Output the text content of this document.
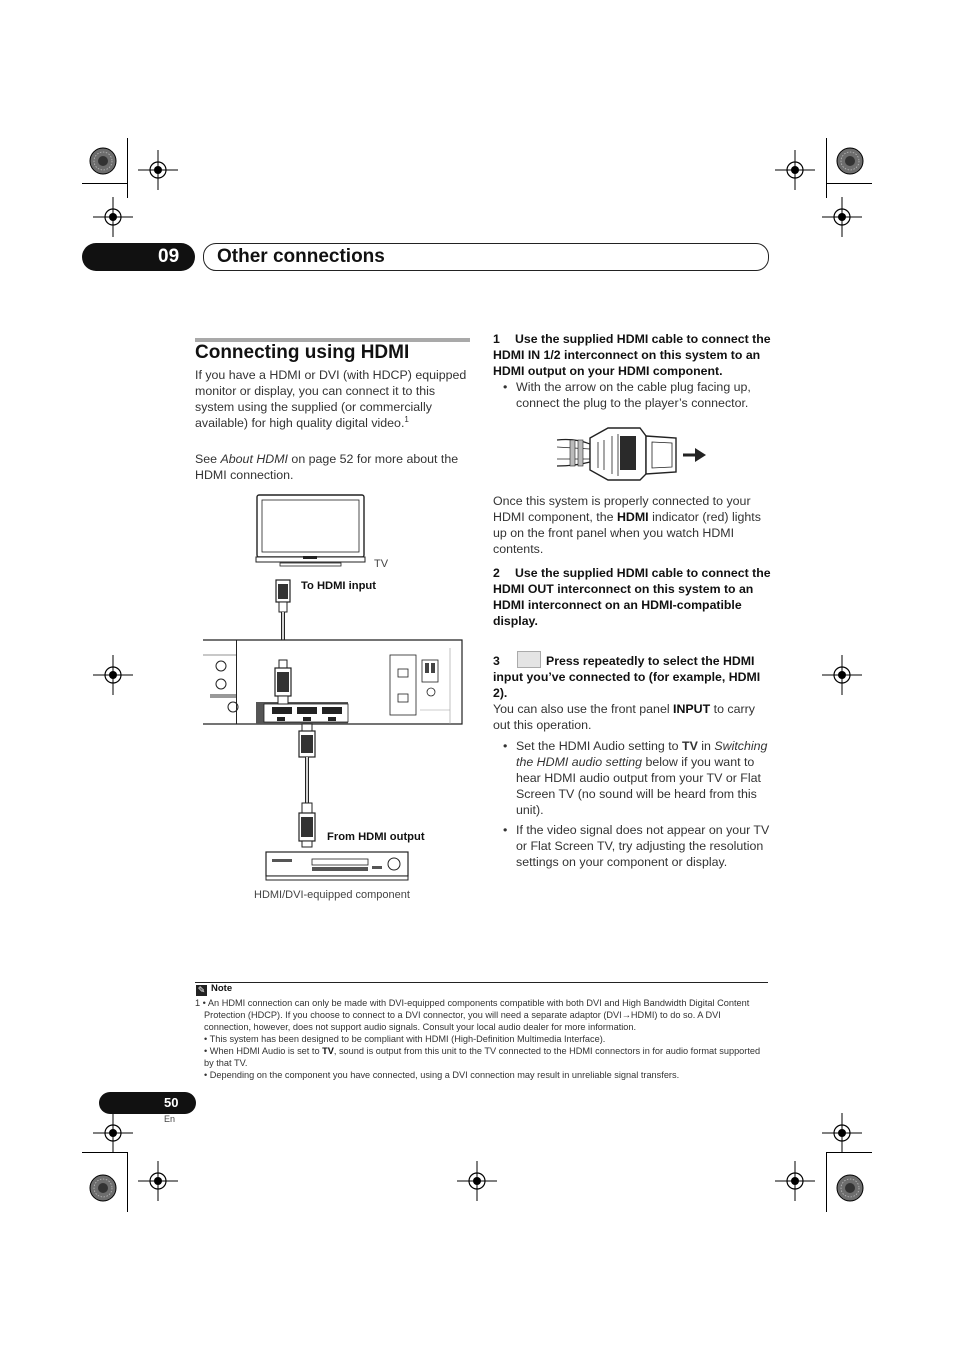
09 Other connections
Connecting using HDMI
If you have a HDMI or DVI (with HDCP) equipped monitor or display, you can connect it to this system using the supplied (or commercially available) for high quality digital video.$^1$
See About HDMI on page 52 for more about the HDMI connection.
TV
To HDMI input
From HDMI output
HDMI/DVI-equipped component
1 Use the supplied HDMI cable to connect the HDMI IN 1/2 interconnect on this system to an HDMI output on your HDMI component.
• With the arrow on the cable plug facing up, connect the plug to the player’s connector.
Once this system is properly connected to your HDMI component, the HDMI indicator (red) lights up on the front panel when you watch HDMI contents.
2 Use the supplied HDMI cable to connect the HDMI OUT interconnect on this system to an HDMI interconnect on an HDMI-compatible display.
3	Press repeatedly to select the HDMI input you’ve connected to (for example, HDMI 2).
You can also use the front panel INPUT to carry out this operation.
• Set the HDMI Audio setting to TV in Switching the HDMI audio setting below if you want to hear HDMI audio output from your TV or Flat Screen TV (no sound will be heard from this unit).
• If the video signal does not appear on your TV or Flat Screen TV, try adjusting the resolution settings on your component or display.
✎ Note

1 • An HDMI connection can only be made with DVI-equipped components compatible with both DVI and High Bandwidth Digital Content Protection (HDCP). If you choose to connect to a DVI connector, you will need a separate adaptor (DVI→HDMI) to do so. A DVI connection, however, does not support audio signals. Consult your local audio dealer for more information.

• This system has been designed to be compliant with HDMI (High-Definition Multimedia Interface).

• When HDMI Audio is set to TV, sound is output from this unit to the TV connected to the HDMI connectors in for audio format supported by that TV.

• Depending on the component you have connected, using a DVI connection may result in unreliable signal transfers.

50
En
